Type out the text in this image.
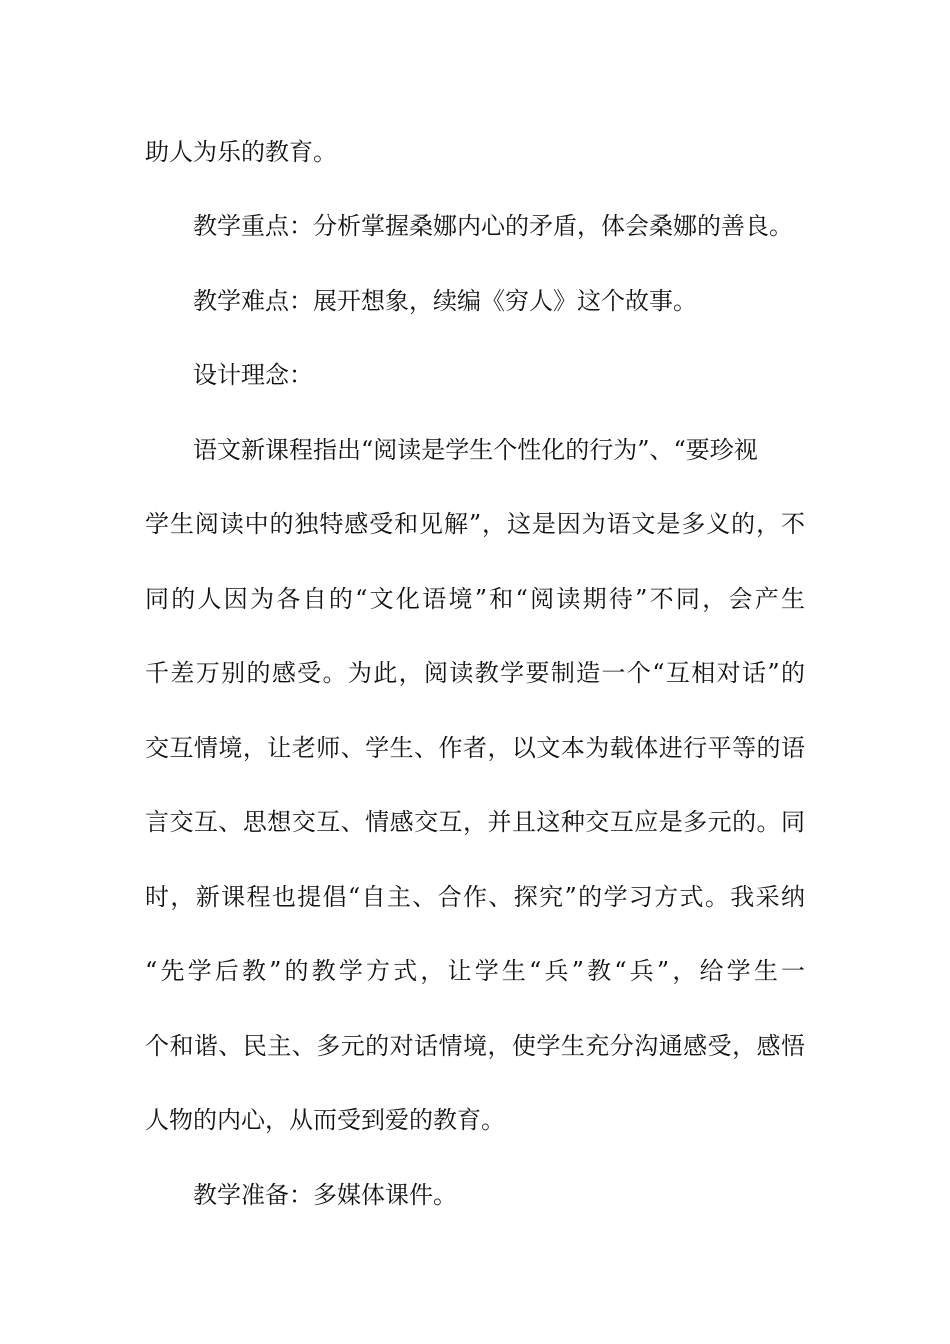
助人为乐的教育。
教学重点：分析掌握桑娜内心的矛盾，体会桑娜的善良。
教学难点：展开想象，续编《穷人》这个故事。
设计理念：
语文新课程指出“阅读是学生个性化的行为”、“要珍视
学生阅读中的独特感受和见解”，这是因为语文是多义的，不
同的人因为各自的“文化语境”和“阅读期待”不同，会产生
千差万别的感受。为此，阅读教学要制造一个“互相对话”的
交互情境，让老师、学生、作者，以文本为载体进行平等的语
言交互、思想交互、情感交互，并且这种交互应是多元的。同
时，新课程也提倡“自主、合作、探究”的学习方式。我采纳
“先学后教”的教学方式，让学生“兵”教“兵”，给学生一
个和谐、民主、多元的对话情境，使学生充分沟通感受，感悟
人物的内心，从而受到爱的教育。
教学准备：多媒体课件。
